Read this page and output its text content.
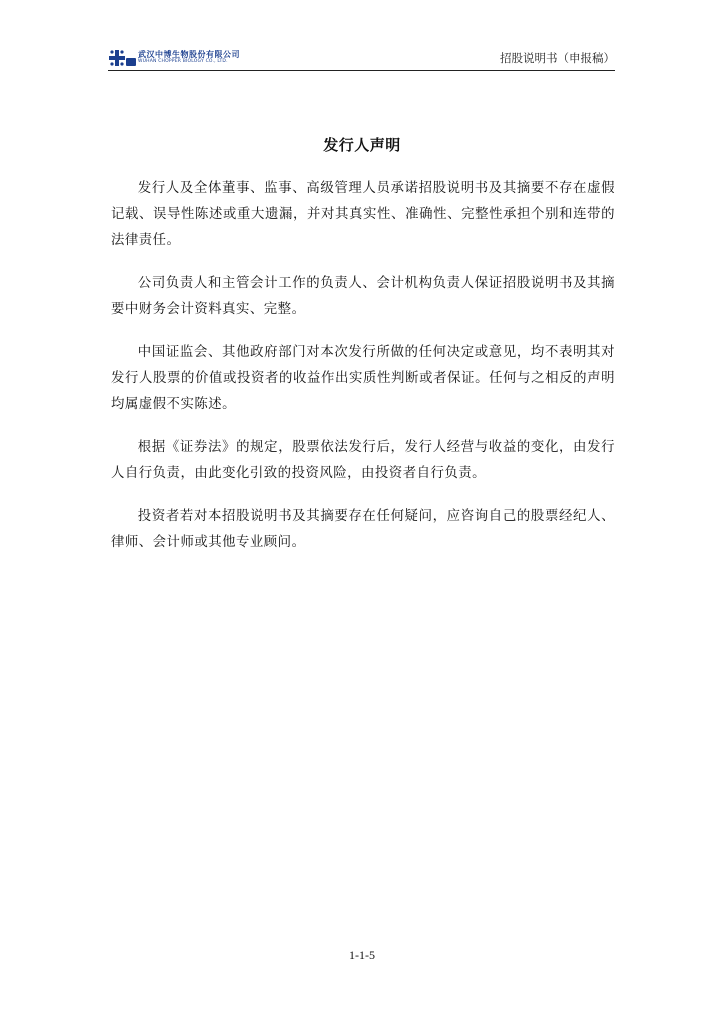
武汉中博生物股份有限公司
WUHAN CHOPPER BIOLOGY CO., LTD.	招股说明书（申报稿）
发行人声明

发行人及全体董事、监事、高级管理人员承诺招股说明书及其摘要不存在虚假记载、误导性陈述或重大遗漏，并对其真实性、准确性、完整性承担个别和连带的法律责任。

公司负责人和主管会计工作的负责人、会计机构负责人保证招股说明书及其摘要中财务会计资料真实、完整。

中国证监会、其他政府部门对本次发行所做的任何决定或意见，均不表明其对发行人股票的价值或投资者的收益作出实质性判断或者保证。任何与之相反的声明均属虚假不实陈述。

根据《证券法》的规定，股票依法发行后，发行人经营与收益的变化，由发行人自行负责，由此变化引致的投资风险，由投资者自行负责。

投资者若对本招股说明书及其摘要存在任何疑问，应咨询自己的股票经纪人、律师、会计师或其他专业顾问。

1-1-5
